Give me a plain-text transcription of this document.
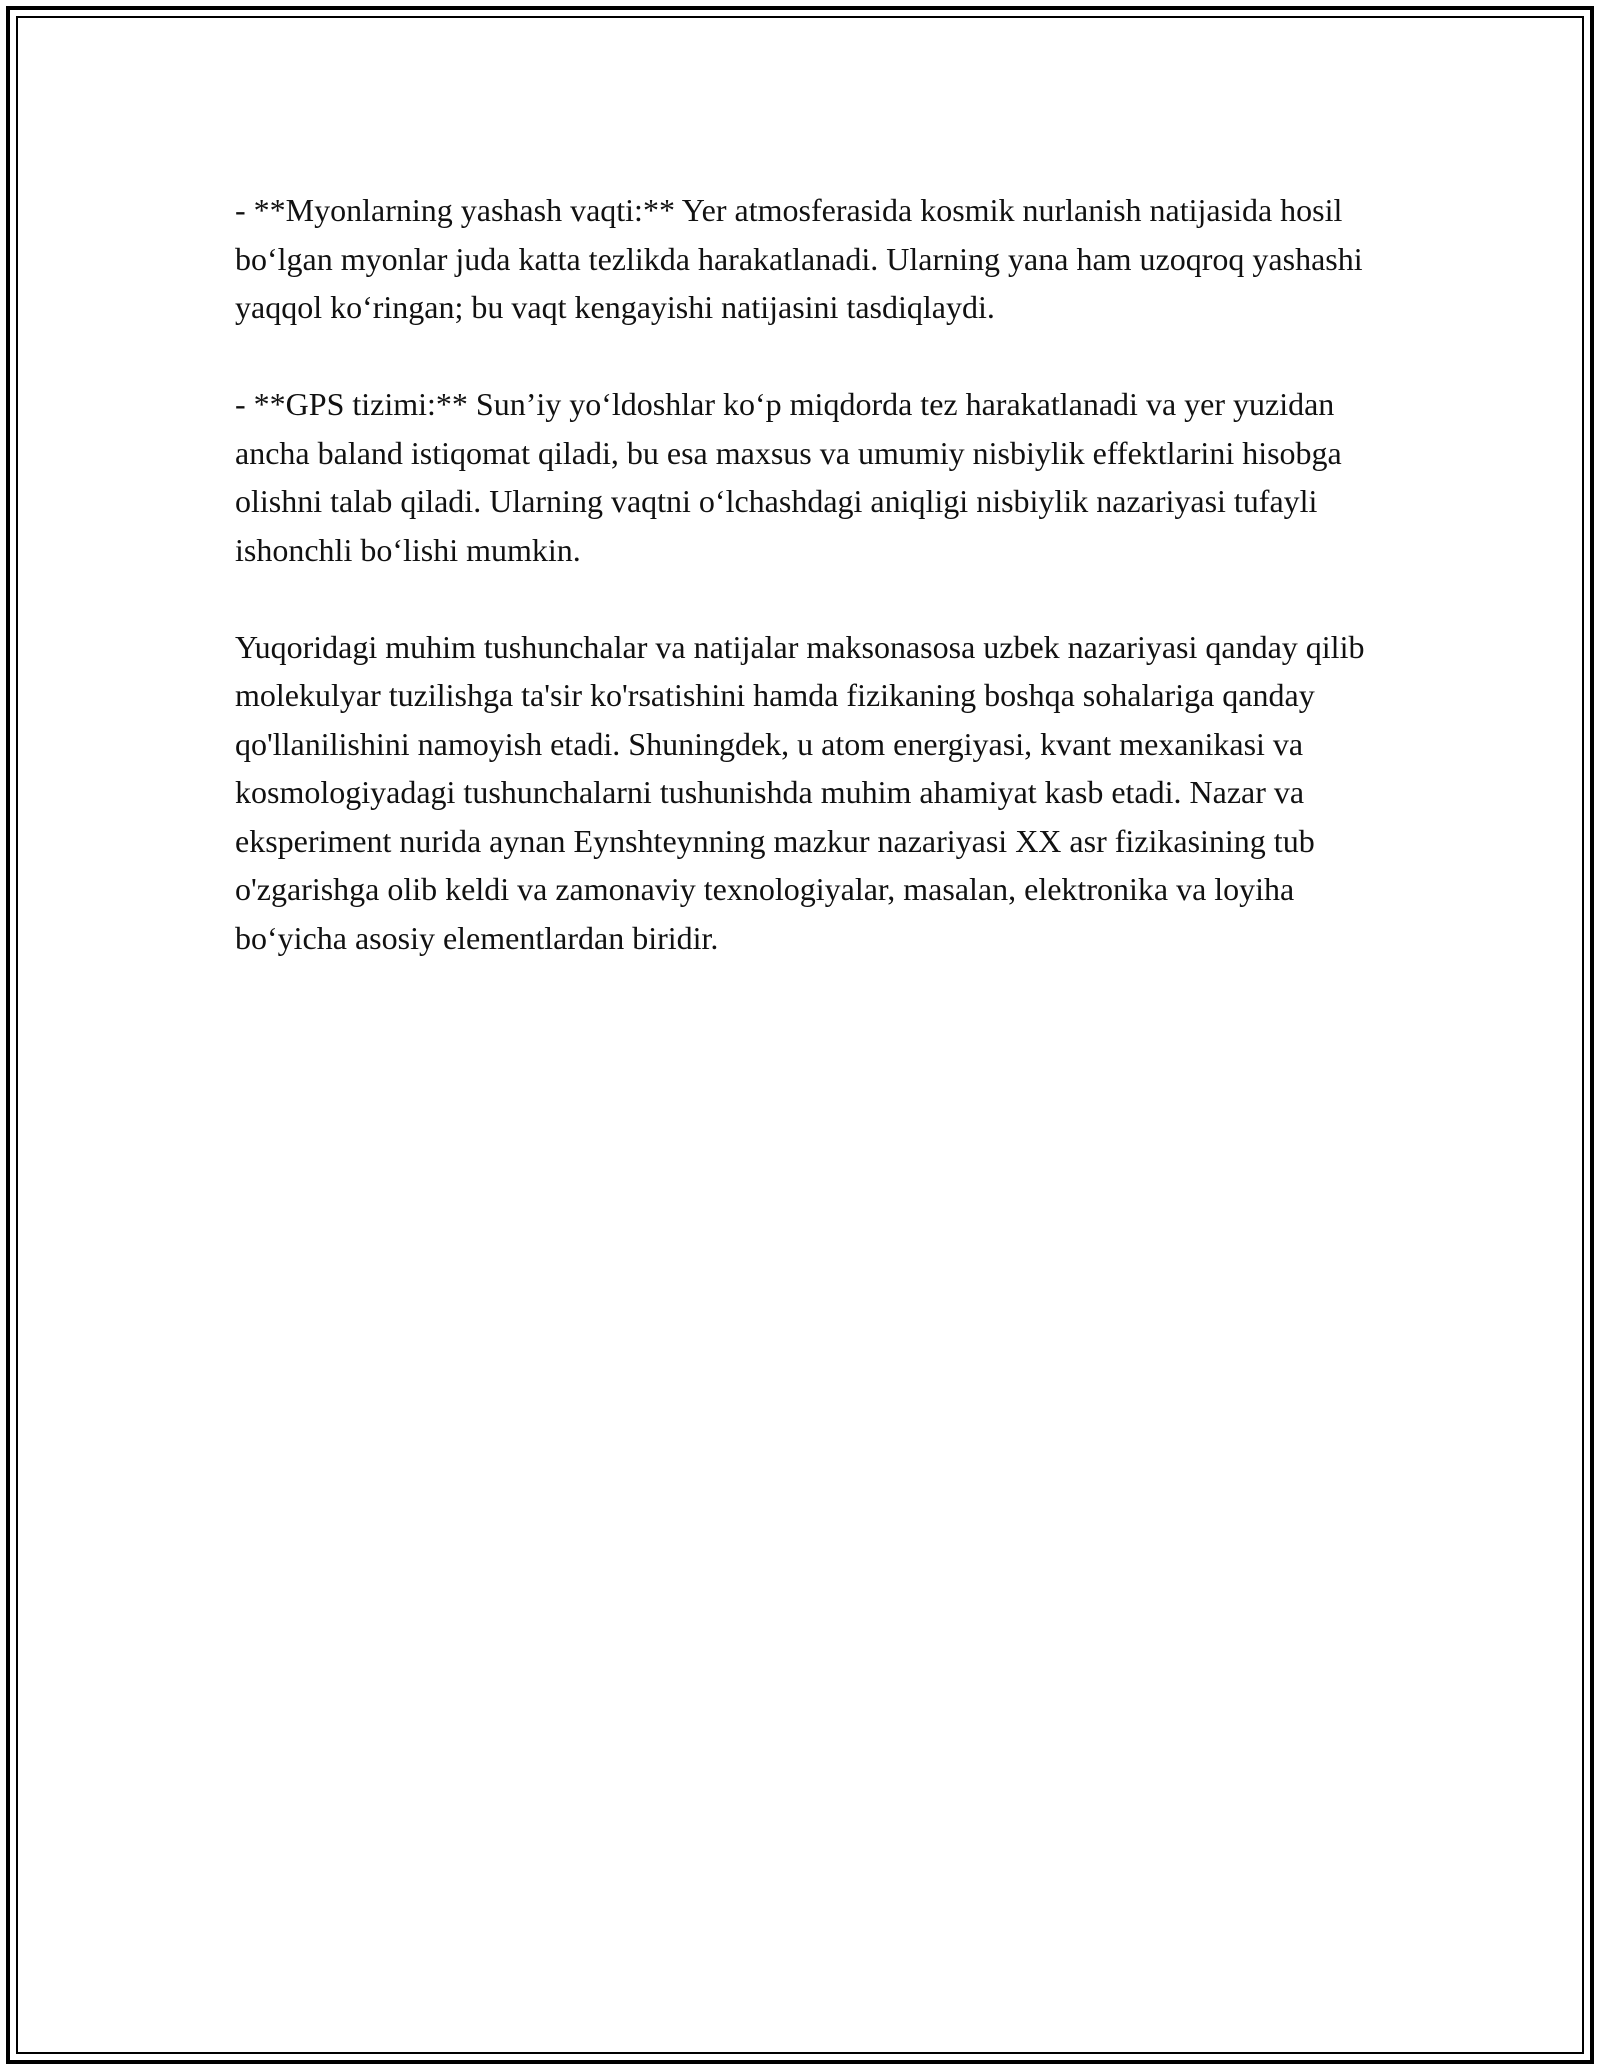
- **Myonlarning yashash vaqti:** Yer atmosferasida kosmik nurlanish natijasida hosil bo‘lgan myonlar juda katta tezlikda harakatlanadi. Ularning yana ham uzoqroq yashashi yaqqol ko‘ringan; bu vaqt kengayishi natijasini tasdiqlaydi.

- **GPS tizimi:** Sun’iy yo‘ldoshlar ko‘p miqdorda tez harakatlanadi va yer yuzidan ancha baland istiqomat qiladi, bu esa maxsus va umumiy nisbiylik effektlarini hisobga olishni talab qiladi. Ularning vaqtni o‘lchashdagi aniqligi nisbiylik nazariyasi tufayli ishonchli bo‘lishi mumkin.

Yuqoridagi muhim tushunchalar va natijalar maksonasosa uzbek nazariyasi qanday qilib molekulyar tuzilishga ta'sir ko'rsatishini hamda fizikaning boshqa sohalariga qanday qo'llanilishini namoyish etadi. Shuningdek, u atom energiyasi, kvant mexanikasi va kosmologiyadagi tushunchalarni tushunishda muhim ahamiyat kasb etadi. Nazar va eksperiment nurida aynan Eynshteynning mazkur nazariyasi XX asr fizikasining tub o'zgarishga olib keldi va zamonaviy texnologiyalar, masalan, elektronika va loyiha bo‘yicha asosiy elementlardan biridir.
